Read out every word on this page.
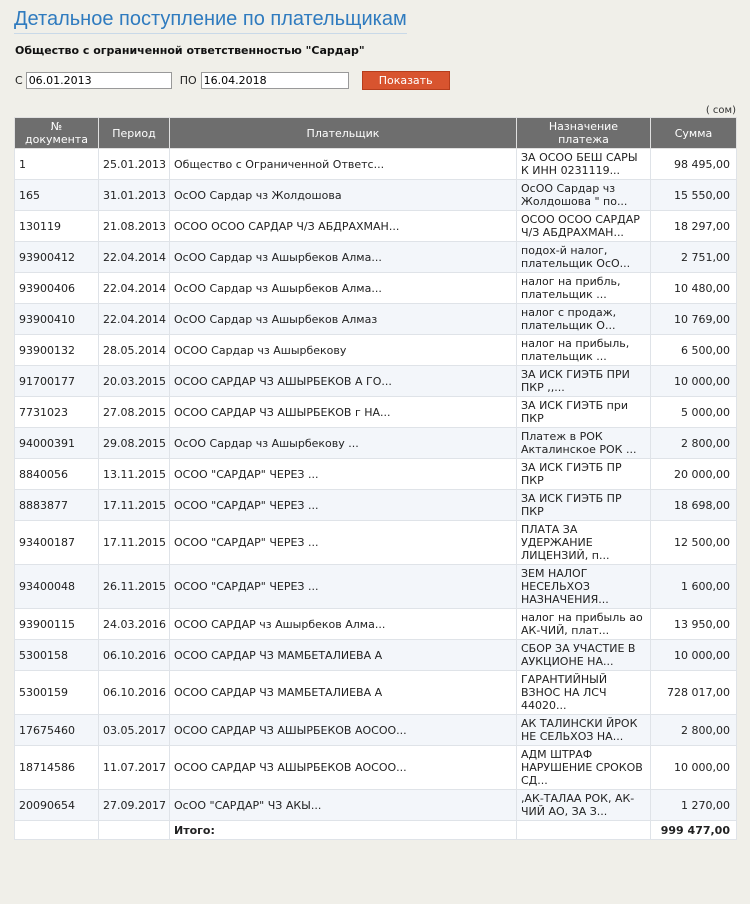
Детальное поступление по плательщикам
Общество с ограниченной ответственностью "Сардар"
С
06.01.2013	ПО
16.04.2018	Показать
( сом)
№
документа	Период	Плательщик	Назначение
платежа	Сумма
1	25.01.2013	Общество с Ограниченной Ответс...	ЗА ОСОО БЕШ САРЫ
К ИНН 0231119...	98 495,00
165	31.01.2013	ОсОО Сардар чз Жолдошова	ОсОО Сардар чз
Жолдошова " по...	15 550,00
130119	21.08.2013	ОСОО ОСОО САРДАР Ч/З АБДРАХМАН...	ОСОО ОСОО САРДАР
Ч/З АБДРАХМАН...	18 297,00
93900412	22.04.2014	ОсОО Сардар чз Ашырбеков Алма...	подох-й налог,
плательщик ОсО...	2 751,00
93900406	22.04.2014	ОсОО Сардар чз Ашырбеков Алма...	налог на прибль,
плательщик ...	10 480,00
93900410	22.04.2014	ОсОО Сардар чз Ашырбеков Алмаз	налог с продаж,
плательщик О...	10 769,00
93900132	28.05.2014	ОСОО Сардар чз Ашырбекову	налог на прибыль,
плательщик ...	6 500,00
91700177	20.03.2015	ОСОО САРДАР ЧЗ АШЫРБЕКОВ А ГО...	ЗА ИСК ГИЭТБ ПРИ
ПКР ,,...	10 000,00
7731023	27.08.2015	ОСОО САРДАР ЧЗ АШЫРБЕКОВ г НА...	ЗА ИСК ГИЭТБ при
ПКР	5 000,00
94000391	29.08.2015	ОсОО Сардар чз Ашырбекову ...	Платеж в РОК
Акталинское РОК ...	2 800,00
8840056	13.11.2015	ОСОО "САРДАР" ЧЕРЕЗ ...	ЗА ИСК ГИЭТБ ПР
ПКР	20 000,00
8883877	17.11.2015	ОСОО "САРДАР" ЧЕРЕЗ ...	ЗА ИСК ГИЭТБ ПР
ПКР	18 698,00
93400187	17.11.2015	ОСОО "САРДАР" ЧЕРЕЗ ...	ПЛАТА ЗА
УДЕРЖАНИЕ
ЛИЦЕНЗИЙ, п...	12 500,00
93400048	26.11.2015	ОСОО "САРДАР" ЧЕРЕЗ ...	ЗЕМ НАЛОГ
НЕСЕЛЬХОЗ
НАЗНАЧЕНИЯ...	1 600,00
93900115	24.03.2016	ОСОО САРДАР чз Ашырбеков Алма...	налог на прибыль ао
АК-ЧИЙ, плат...	13 950,00
5300158	06.10.2016	ОСОО САРДАР ЧЗ МАМБЕТАЛИЕВА А	СБОР ЗА УЧАСТИЕ В
АУКЦИОНЕ НА...	10 000,00
5300159	06.10.2016	ОСОО САРДАР ЧЗ МАМБЕТАЛИЕВА А	ГАРАНТИЙНЫЙ
ВЗНОС НА ЛСЧ
44020...	728 017,00
17675460	03.05.2017	ОСОО САРДАР ЧЗ АШЫРБЕКОВ АОСОО...	АК ТАЛИНСКИ ЙРОК
НЕ СЕЛЬХОЗ НА...	2 800,00
18714586	11.07.2017	ОСОО САРДАР ЧЗ АШЫРБЕКОВ АОСОО...	АДМ ШТРАФ
НАРУШЕНИЕ СРОКОВ
СД...	10 000,00
20090654	27.09.2017	ОсОО "САРДАР" ЧЗ АКЫ...	,АК-ТАЛАА РОК, АК-
ЧИЙ АО, ЗА З...	1 270,00
		Итого:		999 477,00
